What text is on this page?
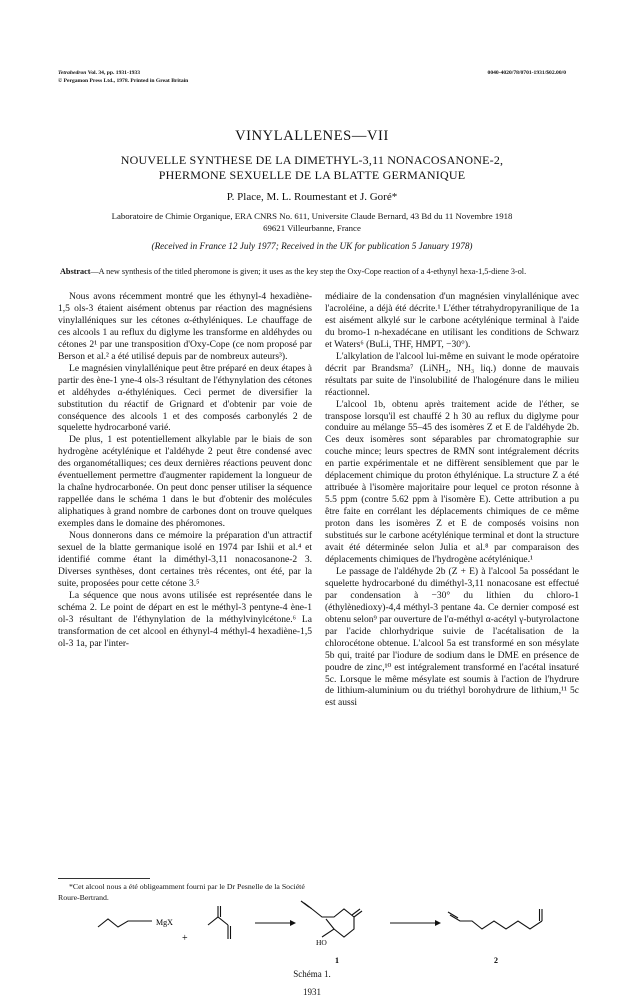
Tetrahedron Vol. 34, pp. 1931-1933
© Pergamon Press Ltd., 1978. Printed in Great Britain
0040-4020/78/0701-1931/$02.00/0
VINYLALLENES—VII
NOUVELLE SYNTHESE DE LA DIMETHYL-3,11 NONACOSANONE-2,
PHERMONE SEXUELLE DE LA BLATTE GERMANIQUE
P. Place, M. L. Roumestant et J. Goré*
Laboratoire de Chimie Organique, ERA CNRS No. 611, Universite Claude Bernard, 43 Bd du 11 Novembre 1918
69621 Villeurbanne, France
(Received in France 12 July 1977; Received in the UK for publication 5 January 1978)
Abstract—A new synthesis of the titled pheromone is given; it uses as the key step the Oxy-Cope reaction of a 4-ethynyl hexa-1,5-diene 3-ol.

Nous avons récemment montré que les éthynyl-4 hexadiène-1,5 ols-3 étaient aisément obtenus par réaction des magnésiens vinylalléniques sur les cétones α-éthyléniques. Le chauffage de ces alcools 1 au reflux du diglyme les transforme en aldéhydes ou cétones 2¹ par une transposition d'Oxy-Cope (ce nom proposé par Berson et al.² a été utilisé depuis par de nombreux auteurs³).

Le magnésien vinylallénique peut être préparé en deux étapes à partir des ène-1 yne-4 ols-3 résultant de l'éthynylation des cétones et aldéhydes α-éthyléniques. Ceci permet de diversifier la substitution du réactif de Grignard et d'obtenir par voie de conséquence des alcools 1 et des composés carbonylés 2 de squelette hydrocarboné varié.

De plus, 1 est potentiellement alkylable par le biais de son hydrogène acétylénique et l'aldéhyde 2 peut être condensé avec des organométalliques; ces deux dernières réactions peuvent donc éventuellement permettre d'augmenter rapidement la longueur de la chaîne hydrocarbonée. On peut donc penser utiliser la séquence rappellée dans le schéma 1 dans le but d'obtenir des molécules aliphatiques à grand nombre de carbones dont on trouve quelques exemples dans le domaine des phéromones.

Nous donnerons dans ce mémoire la préparation d'un attractif sexuel de la blatte germanique isolé en 1974 par Ishii et al.⁴ et identifié comme étant la diméthyl-3,11 nonacosanone-2 3. Diverses synthèses, dont certaines très récentes, ont été, par la suite, proposées pour cette cétone 3.⁵

La séquence que nous avons utilisée est représentée dans le schéma 2. Le point de départ en est le méthyl-3 pentyne-4 ène-1 ol-3 résultant de l'éthynylation de la méthylvinylcétone.⁶ La transformation de cet alcool en éthynyl-4 méthyl-4 hexadiène-1,5 ol-3 1a, par l'inter-

médiaire de la condensation d'un magnésien vinylallénique avec l'acroléine, a déjà été décrite.¹ L'éther tétrahydropyranilique de 1a est aisément alkylé sur le carbone acétylénique terminal à l'aide du bromo-1 n-hexadécane en utilisant les conditions de Schwarz et Waters⁶ (BuLi, THF, HMPT, −30°).

L'alkylation de l'alcool lui-même en suivant le mode opératoire décrit par Brandsma⁷ (LiNH₂, NH₃ liq.) donne de mauvais résultats par suite de l'insolubilité de l'halogénure dans le milieu réactionnel.

L'alcool 1b, obtenu après traitement acide de l'éther, se transpose lorsqu'il est chauffé 2 h 30 au reflux du diglyme pour conduire au mélange 55–45 des isomères Z et E de l'aldéhyde 2b. Ces deux isomères sont séparables par chromatographie sur couche mince; leurs spectres de RMN sont intégralement décrits en partie expérimentale et ne diffèrent sensiblement que par le déplacement chimique du proton éthylénique. La structure Z a été attribuée à l'isomère majoritaire pour lequel ce proton résonne à 5.5 ppm (contre 5.62 ppm à l'isomère E). Cette attribution a pu être faite en corrélant les déplacements chimiques de ce même proton dans les isomères Z et E de composés voisins non substitués sur le carbone acétylénique terminal et dont la structure avait été déterminée selon Julia et al.⁸ par comparaison des déplacements chimiques de l'hydrogène acétylénique.¹

Le passage de l'aldéhyde 2b (Z + E) à l'alcool 5a possédant le squelette hydrocarboné du diméthyl-3,11 nonacosane est effectué par condensation à −30° du lithien du chloro-1 (éthylènedioxy)-4,4 méthyl-3 pentane 4a. Ce dernier composé est obtenu selon⁹ par ouverture de l'α-méthyl α-acétyl γ-butyrolactone par l'acide chlorhydrique suivie de l'acétalisation de la chlorocétone obtenue. L'alcool 5a est transformé en son mésylate 5b qui, traité par l'iodure de sodium dans le DME en présence de poudre de zinc,¹⁰ est intégralement transformé en l'acétal insaturé 5c. Lorsque le même mésylate est soumis à l'action de l'hydrure de lithium-aluminium ou du triéthyl borohydrure de lithium,¹¹ 5c est aussi

*Cet alcool nous a été obligeamment fourni par le Dr Pesnelle de la Société Roure-Bertrand.
MgX
+	HO
1	2
Schéma 1.
1931
